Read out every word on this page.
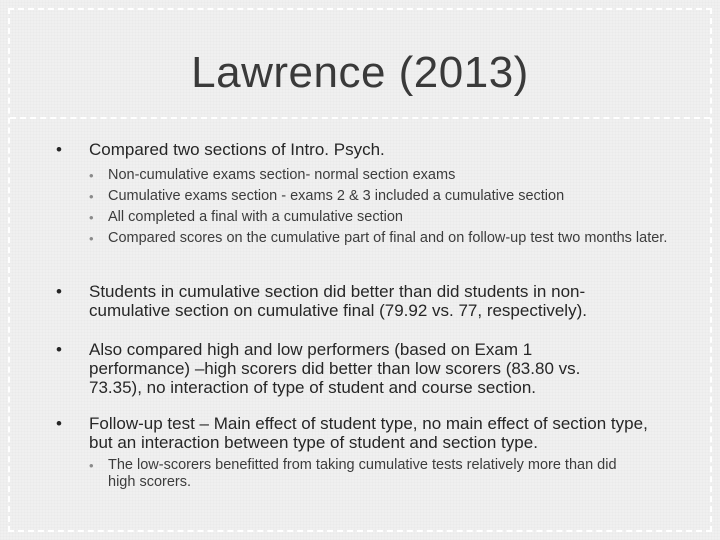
Lawrence (2013)
• Compared two sections of Intro. Psych.
• Non-cumulative exams section- normal section exams
• Cumulative exams section - exams 2 & 3 included a cumulative section
• All completed a final with a cumulative section
• Compared scores on the cumulative part of final and on follow-up test two months later.
• Students in cumulative section did better than did students in non-cumulative section on cumulative final (79.92 vs. 77, respectively).
• Also compared high and low performers (based on Exam 1 performance) –high scorers did better than low scorers (83.80 vs. 73.35), no interaction of type of student and course section.
• Follow-up test – Main effect of student type, no main effect of section type, but an interaction between type of student and section type.
• The low-scorers benefitted from taking cumulative tests relatively more than did high scorers.
